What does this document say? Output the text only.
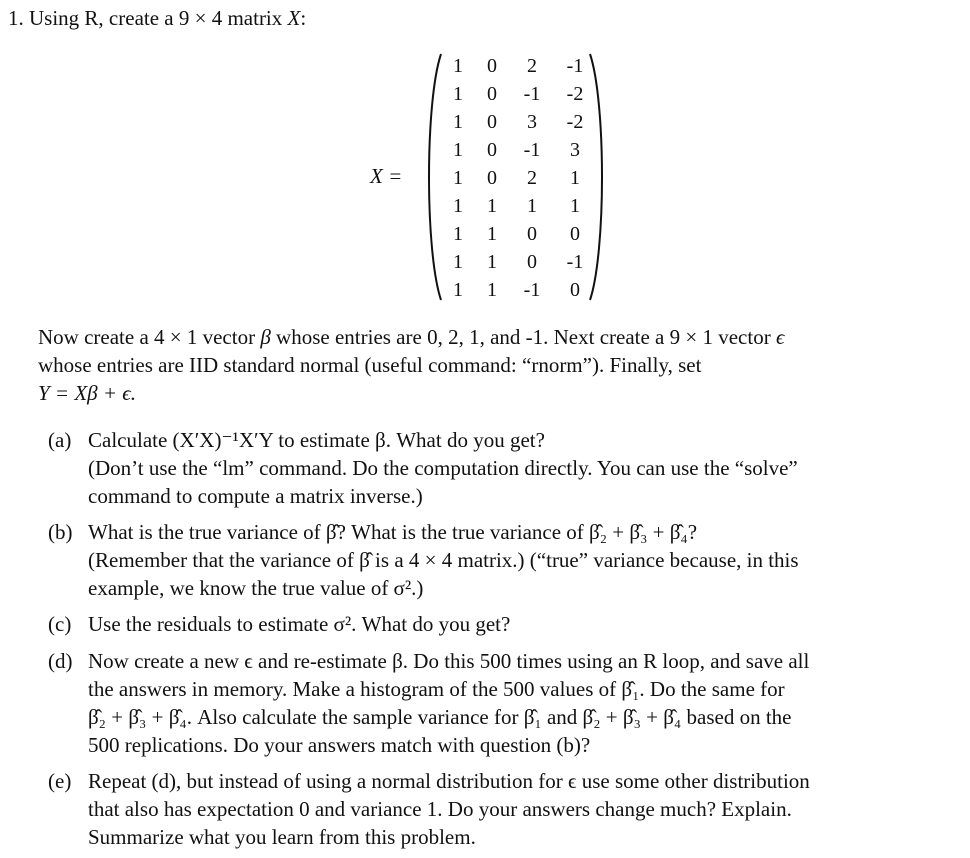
1. Using R, create a 9 × 4 matrix X:
X =
1	0	2	-1
1	0	-1	-2
1	0	3	-2
1	0	-1	3
1	0	2	1
1	1	1	1
1	1	0	0
1	1	0	-1
1	1	-1	0
Now create a 4 × 1 vector β whose entries are 0, 2, 1, and -1. Next create a 9 × 1 vector ϵ
whose entries are IID standard normal (useful command: “rnorm”). Finally, set
Y = Xβ + ϵ.
(a) Calculate (X′X)⁻¹X′Y to estimate β. What do you get?
(Don’t use the “lm” command. Do the computation directly. You can use the “solve”
command to compute a matrix inverse.)
(b) What is the true variance of β̂? What is the true variance of β̂₂ + β̂₃ + β̂₄?
(Remember that the variance of β̂ is a 4 × 4 matrix.) (“true” variance because, in this
example, we know the true value of σ².)
(c) Use the residuals to estimate σ². What do you get?
(d) Now create a new ϵ and re-estimate β. Do this 500 times using an R loop, and save all
the answers in memory. Make a histogram of the 500 values of β̂₁. Do the same for
β̂₂ + β̂₃ + β̂₄. Also calculate the sample variance for β̂₁ and β̂₂ + β̂₃ + β̂₄ based on the
500 replications. Do your answers match with question (b)?
(e) Repeat (d), but instead of using a normal distribution for ϵ use some other distribution
that also has expectation 0 and variance 1. Do your answers change much? Explain.
Summarize what you learn from this problem.
